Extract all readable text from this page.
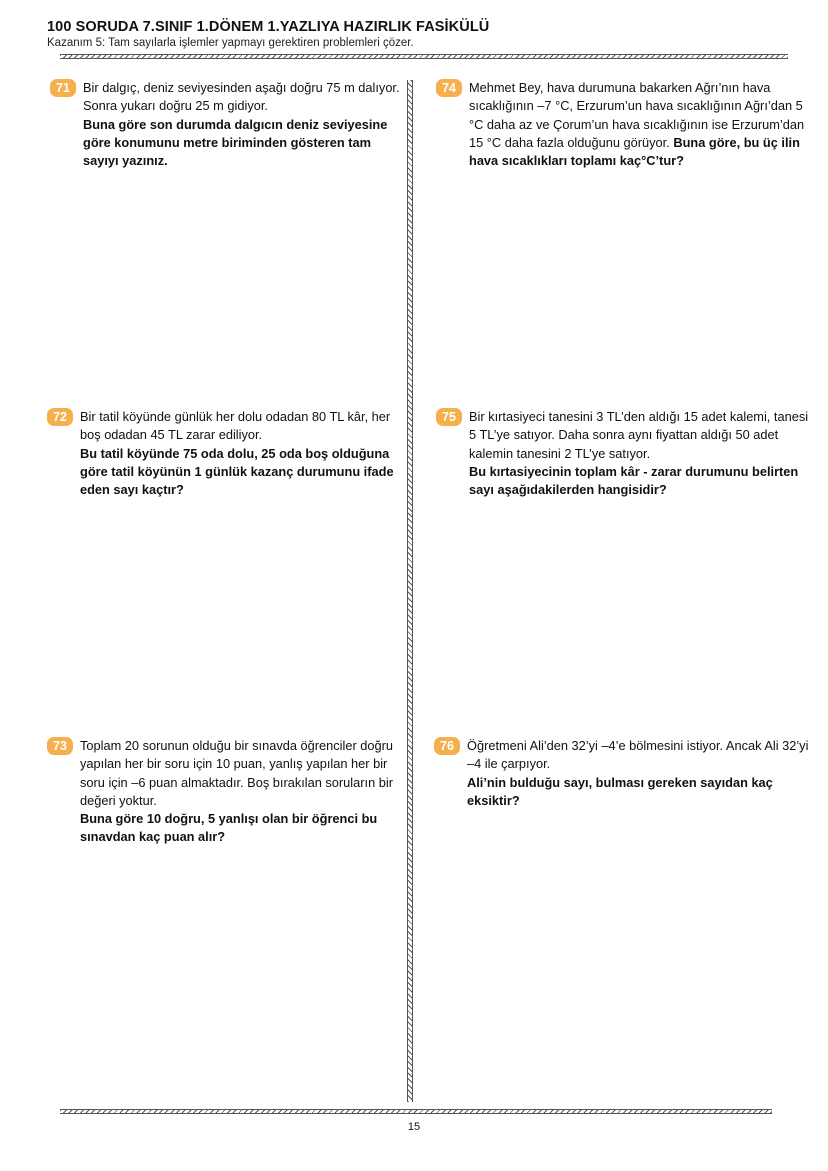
100 SORUDA 7.SINIF 1.DÖNEM 1.YAZLIYA HAZIRLIK FASİKÜLÜ
Kazanım 5: Tam sayılarla işlemler yapmayı gerektiren problemleri çözer.
71	Bir dalgıç, deniz seviyesinden aşağı doğru 75 m dalıyor. Sonra yukarı doğru 25 m gidiyor.

Buna göre son durumda dalgıcın deniz seviyesine göre konumunu metre biriminden gösteren tam sayıyı yazınız.

72	Bir tatil köyünde günlük her dolu odadan 80 TL kâr, her boş odadan 45 TL zarar ediliyor.

Bu tatil köyünde 75 oda dolu, 25 oda boş olduğuna göre tatil köyünün 1 günlük kazanç durumunu ifade eden sayı kaçtır?

73	Toplam 20 sorunun olduğu bir sınavda öğrenciler doğru yapılan her bir soru için 10 puan, yanlış yapılan her bir soru için –6 puan almaktadır. Boş bırakılan soruların bir değeri yoktur.

Buna göre 10 doğru, 5 yanlışı olan bir öğrenci bu sınavdan kaç puan alır?

74	Mehmet Bey, hava durumuna bakarken Ağrı’nın hava sıcaklığının –7 °C, Erzurum’un hava sıcaklığının Ağrı’dan 5 °C daha az ve Çorum’un hava sıcaklığının ise Erzurum’dan 15 °C daha fazla olduğunu görüyor. Buna göre, bu üç ilin hava sıcaklıkları toplamı kaç°C’tur?
75	Bir kırtasiyeci tanesini 3 TL’den aldığı 15 adet kalemi, tanesi 5 TL’ye satıyor. Daha sonra aynı fiyattan aldığı 50 adet kalemin tanesini 2 TL’ye satıyor.

Bu kırtasiyecinin toplam kâr - zarar durumunu belirten sayı aşağıdakilerden hangisidir?

76	Öğretmeni Ali’den 32’yi –4’e bölmesini istiyor. Ancak Ali 32’yi –4 ile çarpıyor.

Ali’nin bulduğu sayı, bulması gereken sayıdan kaç eksiktir?

15
